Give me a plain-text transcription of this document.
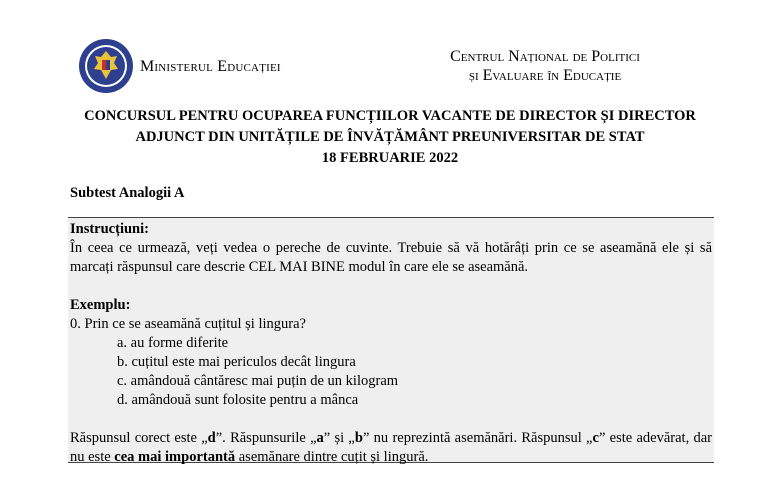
Ministerul Educației
Centrul Național de Politici
și Evaluare în Educație
CONCURSUL PENTRU OCUPAREA FUNCȚIILOR VACANTE DE DIRECTOR ȘI DIRECTOR
ADJUNCT DIN UNITĂȚILE DE ÎNVĂȚĂMÂNT PREUNIVERSITAR DE STAT
18 FEBRUARIE 2022
Subtest Analogii A

Instrucțiuni:

În ceea ce urmează, veți vedea o pereche de cuvinte. Trebuie să vă hotărâți prin ce se aseamănă ele și să marcați răspunsul care descrie CEL MAI BINE modul în care ele se aseamănă.

Exemplu:

0. Prin ce se aseamănă cuțitul și lingura?

a. au forme diferite

b. cuțitul este mai periculos decât lingura

c. amândouă cântăresc mai puțin de un kilogram

d. amândouă sunt folosite pentru a mânca

Răspunsul corect este „d”. Răspunsurile „a” și „b” nu reprezintă asemănări. Răspunsul „c” este adevărat, dar nu este cea mai importantă asemănare dintre cuțit și lingură.
